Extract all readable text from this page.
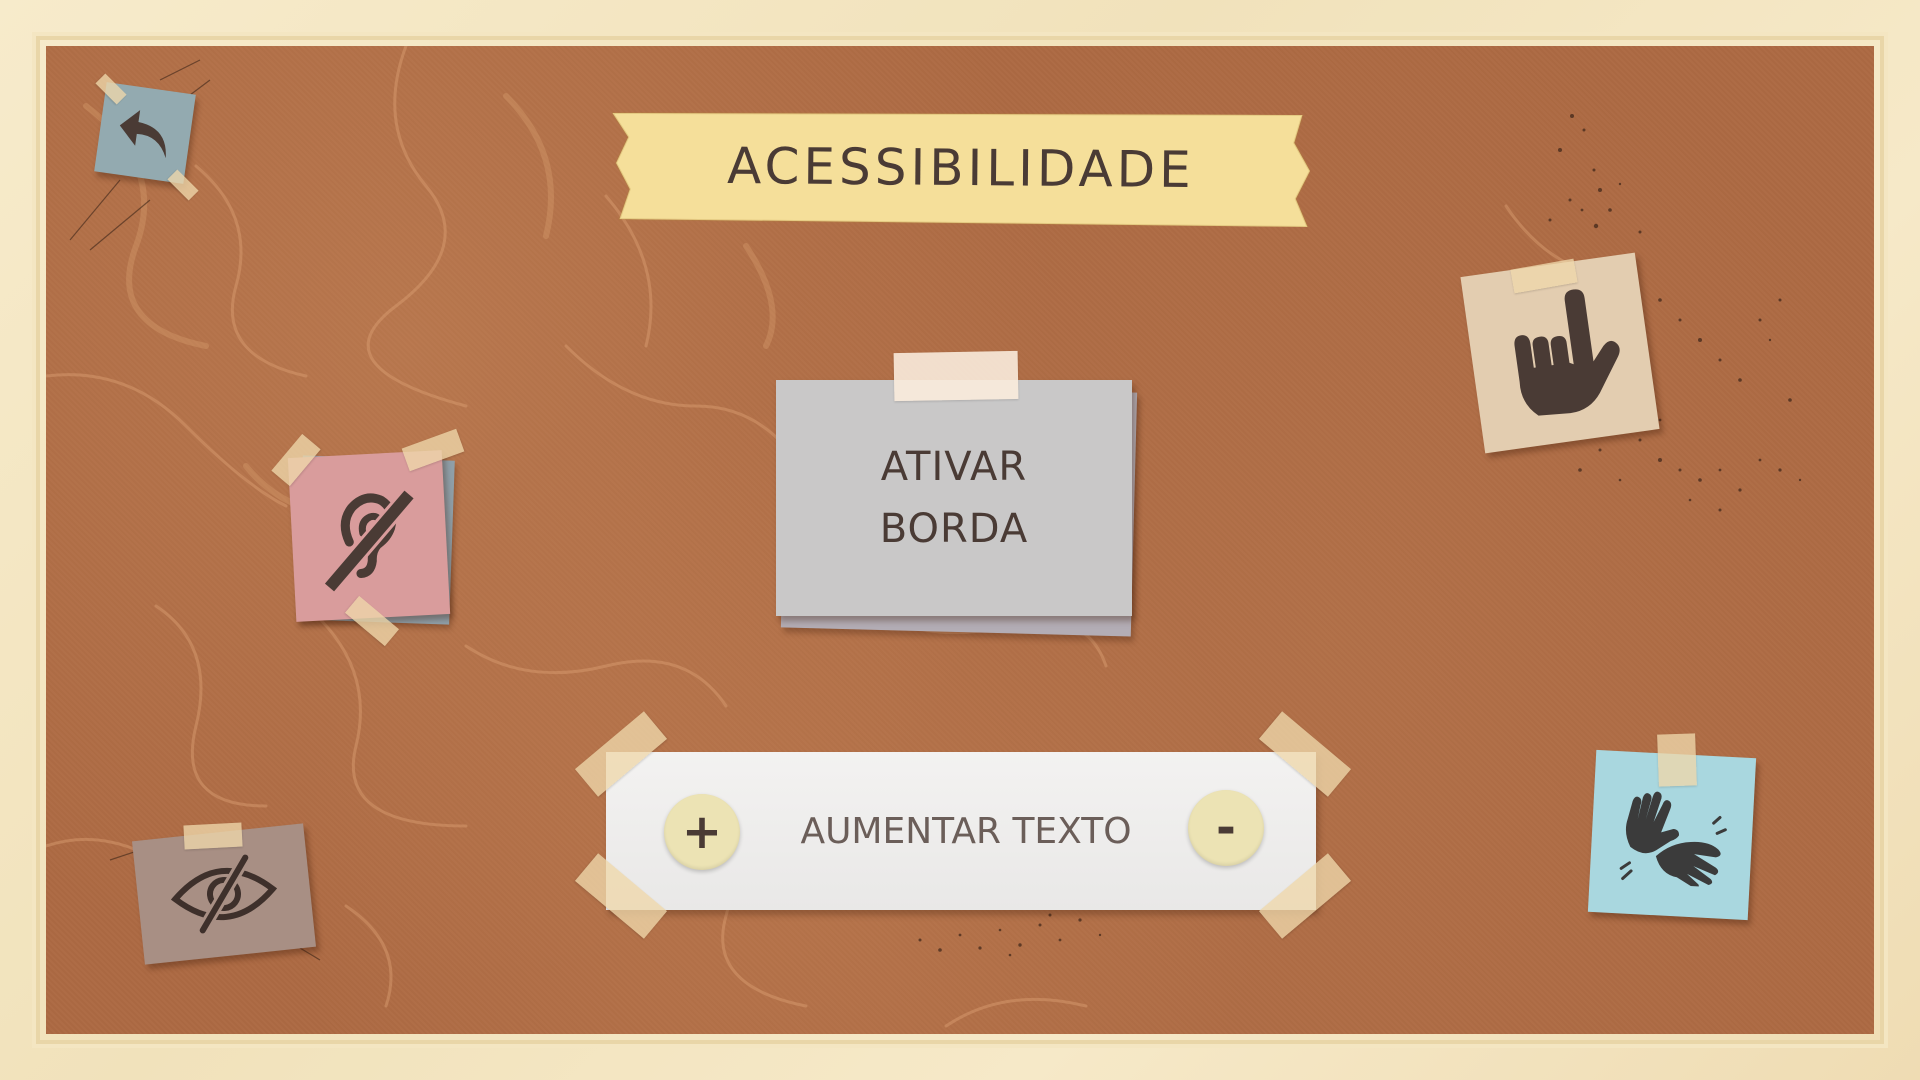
ACESSIBILIDADE
ATIVAR
BORDA
+	AUMENTAR TEXTO	-
